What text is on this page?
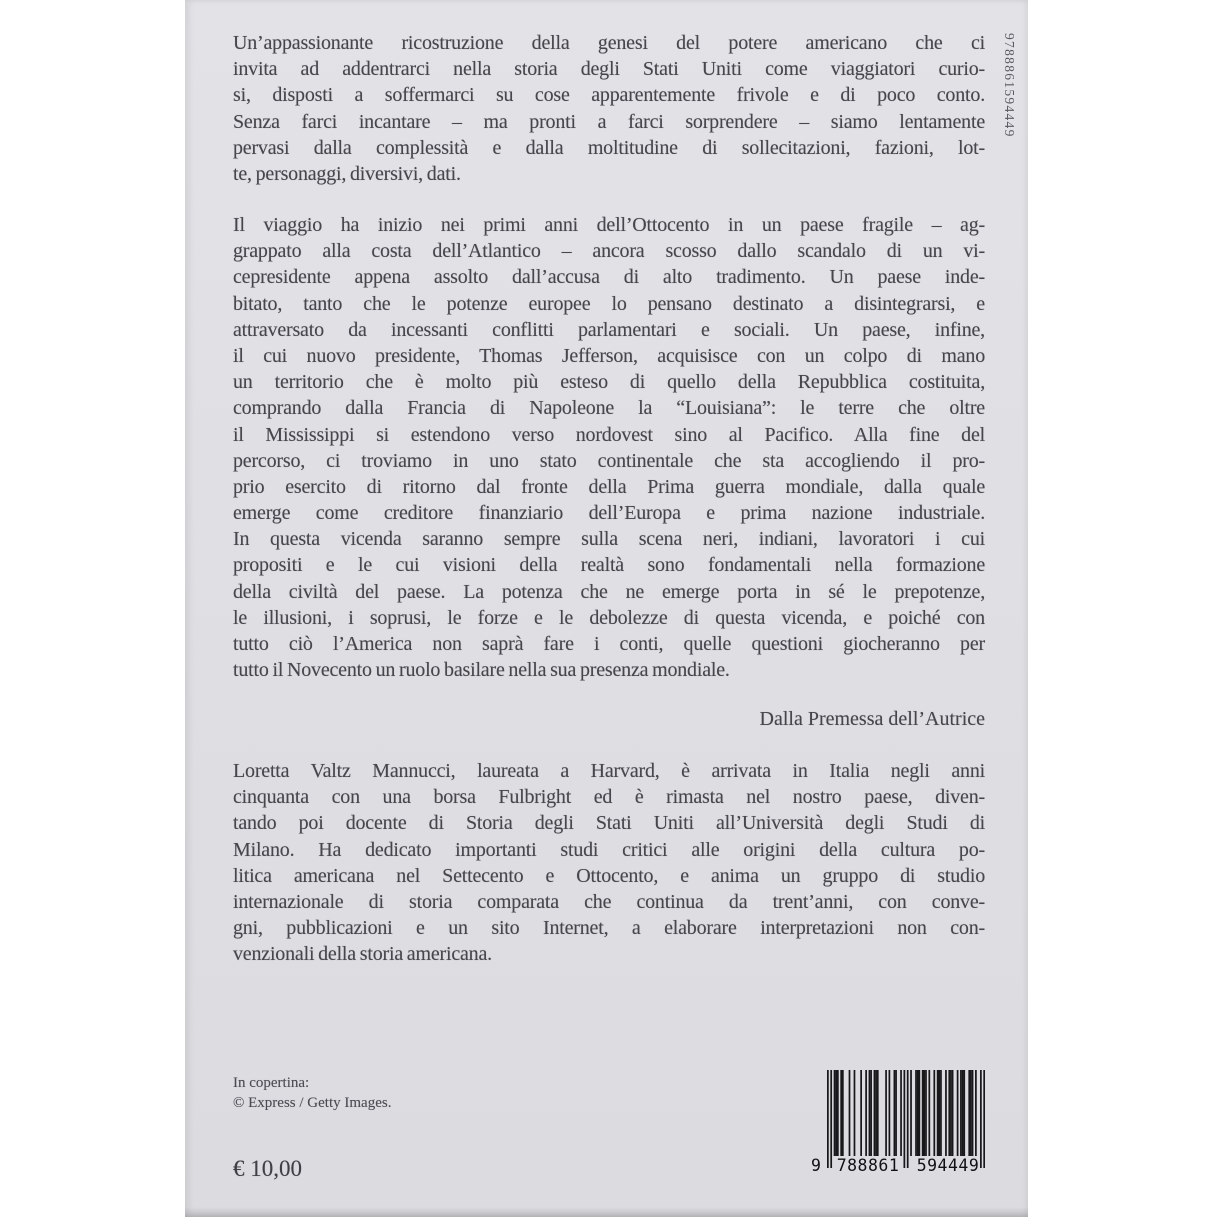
Un’appassionante ricostruzione della genesi del potere americano che ci
invita ad addentrarci nella storia degli Stati Uniti come viaggiatori curio-
si, disposti a soffermarci su cose apparentemente frivole e di poco conto.
Senza farci incantare – ma pronti a farci sorprendere – siamo lentamente
pervasi dalla complessità e dalla moltitudine di sollecitazioni, fazioni, lot-
te, personaggi, diversivi, dati.
Il viaggio ha inizio nei primi anni dell’Ottocento in un paese fragile – ag-
grappato alla costa dell’Atlantico – ancora scosso dallo scandalo di un vi-
cepresidente appena assolto dall’accusa di alto tradimento. Un paese inde-
bitato, tanto che le potenze europee lo pensano destinato a disintegrarsi, e
attraversato da incessanti conflitti parlamentari e sociali. Un paese, infine,
il cui nuovo presidente, Thomas Jefferson, acquisisce con un colpo di mano
un territorio che è molto più esteso di quello della Repubblica costituita,
comprando dalla Francia di Napoleone la “Louisiana”: le terre che oltre
il Mississippi si estendono verso nordovest sino al Pacifico. Alla fine del
percorso, ci troviamo in uno stato continentale che sta accogliendo il pro-
prio esercito di ritorno dal fronte della Prima guerra mondiale, dalla quale
emerge come creditore finanziario dell’Europa e prima nazione industriale.
In questa vicenda saranno sempre sulla scena neri, indiani, lavoratori i cui
propositi e le cui visioni della realtà sono fondamentali nella formazione
della civiltà del paese. La potenza che ne emerge porta in sé le prepotenze,
le illusioni, i soprusi, le forze e le debolezze di questa vicenda, e poiché con
tutto ciò l’America non saprà fare i conti, quelle questioni giocheranno per
tutto il Novecento un ruolo basilare nella sua presenza mondiale.
Dalla Premessa dell’Autrice
Loretta Valtz Mannucci, laureata a Harvard, è arrivata in Italia negli anni
cinquanta con una borsa Fulbright ed è rimasta nel nostro paese, diven-
tando poi docente di Storia degli Stati Uniti all’Università degli Studi di
Milano. Ha dedicato importanti studi critici alle origini della cultura po-
litica americana nel Settecento e Ottocento, e anima un gruppo di studio
internazionale di storia comparata che continua da trent’anni, con conve-
gni, pubblicazioni e un sito Internet, a elaborare interpretazioni non con-
venzionali della storia americana.
In copertina:
© Express / Getty Images.
€ 10,00	9 788861 594449
9788861594449
